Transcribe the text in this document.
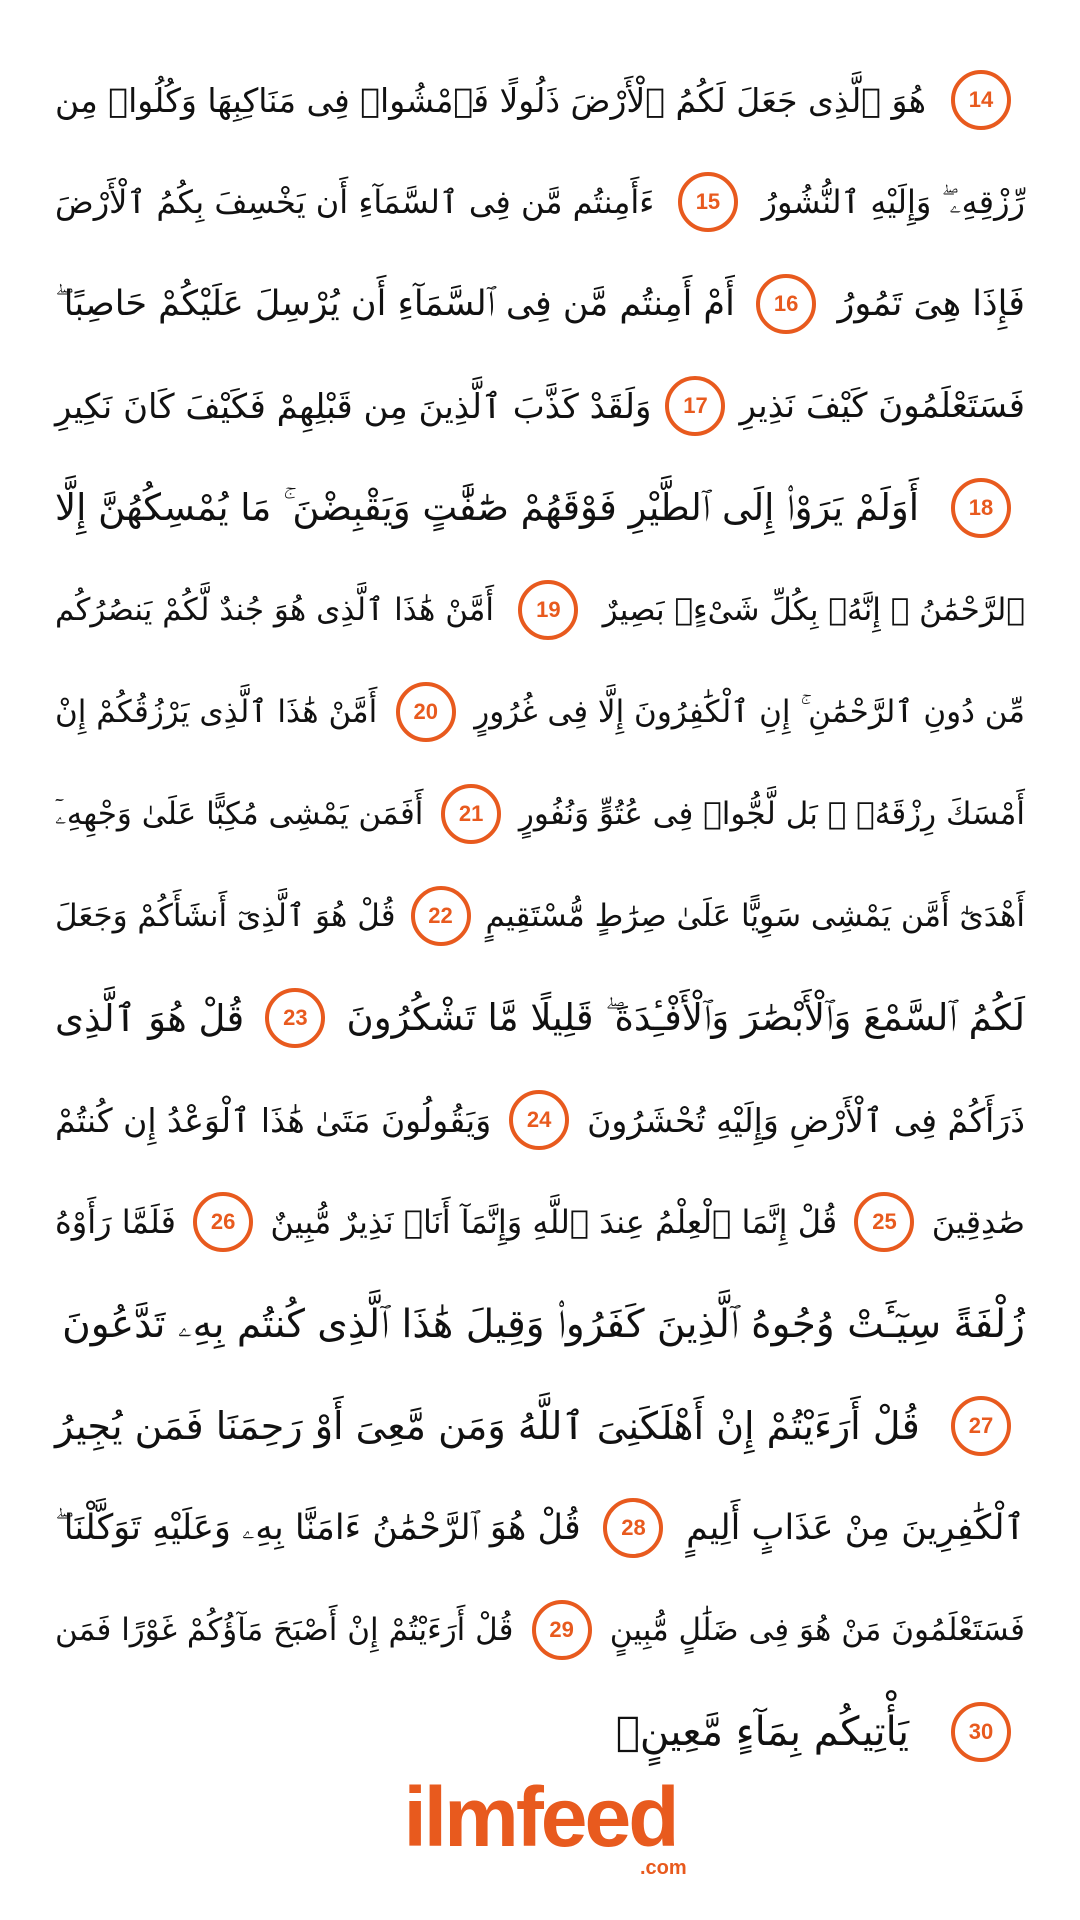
14
هُوَ ٱلَّذِى جَعَلَ لَكُمُ ٱلْأَرْضَ ذَلُولًا فَٱمْشُوا۟ فِى مَنَاكِبِهَا وَكُلُوا۟ مِن
رِّزْقِهِۦ ۖ وَإِلَيْهِ ٱلنُّشُورُ
15
ءَأَمِنتُم مَّن فِى ٱلسَّمَآءِ أَن يَخْسِفَ بِكُمُ ٱلْأَرْضَ
فَإِذَا هِىَ تَمُورُ
16
أَمْ أَمِنتُم مَّن فِى ٱلسَّمَآءِ أَن يُرْسِلَ عَلَيْكُمْ حَاصِبًا ۖ
فَسَتَعْلَمُونَ كَيْفَ نَذِيرِ
17
وَلَقَدْ كَذَّبَ ٱلَّذِينَ مِن قَبْلِهِمْ فَكَيْفَ كَانَ نَكِيرِ
18
أَوَلَمْ يَرَوْا۟ إِلَى ٱلطَّيْرِ فَوْقَهُمْ صَٰٓفَّٰتٍ وَيَقْبِضْنَ ۚ مَا يُمْسِكُهُنَّ إِلَّا
ٱلرَّحْمَٰنُ ۚ إِنَّهُۥ بِكُلِّ شَىْءٍۭ بَصِيرٌ
19
أَمَّنْ هَٰذَا ٱلَّذِى هُوَ جُندٌ لَّكُمْ يَنصُرُكُم
مِّن دُونِ ٱلرَّحْمَٰنِ ۚ إِنِ ٱلْكَٰفِرُونَ إِلَّا فِى غُرُورٍ
20
أَمَّنْ هَٰذَا ٱلَّذِى يَرْزُقُكُمْ إِنْ
أَمْسَكَ رِزْقَهُۥ ۚ بَل لَّجُّوا۟ فِى عُتُوٍّ وَنُفُورٍ
21
أَفَمَن يَمْشِى مُكِبًّا عَلَىٰ وَجْهِهِۦٓ
أَهْدَىٰٓ أَمَّن يَمْشِى سَوِيًّا عَلَىٰ صِرَٰطٍ مُّسْتَقِيمٍ
22
قُلْ هُوَ ٱلَّذِىٓ أَنشَأَكُمْ وَجَعَلَ
لَكُمُ ٱلسَّمْعَ وَٱلْأَبْصَٰرَ وَٱلْأَفْـِٔدَةَ ۖ قَلِيلًا مَّا تَشْكُرُونَ
23
قُلْ هُوَ ٱلَّذِى
ذَرَأَكُمْ فِى ٱلْأَرْضِ وَإِلَيْهِ تُحْشَرُونَ
24
وَيَقُولُونَ مَتَىٰ هَٰذَا ٱلْوَعْدُ إِن كُنتُمْ
صَٰدِقِينَ
25
قُلْ إِنَّمَا ٱلْعِلْمُ عِندَ ٱللَّهِ وَإِنَّمَآ أَنَا۠ نَذِيرٌ مُّبِينٌ
26
فَلَمَّا رَأَوْهُ
زُلْفَةً سِيٓـَٔتْ وُجُوهُ ٱلَّذِينَ كَفَرُوا۟ وَقِيلَ هَٰذَا ٱلَّذِى كُنتُم بِهِۦ تَدَّعُونَ
27
قُلْ أَرَءَيْتُمْ إِنْ أَهْلَكَنِىَ ٱللَّهُ وَمَن مَّعِىَ أَوْ رَحِمَنَا فَمَن يُجِيرُ
ٱلْكَٰفِرِينَ مِنْ عَذَابٍ أَلِيمٍ
28
قُلْ هُوَ ٱلرَّحْمَٰنُ ءَامَنَّا بِهِۦ وَعَلَيْهِ تَوَكَّلْنَا ۖ
فَسَتَعْلَمُونَ مَنْ هُوَ فِى ضَلَٰلٍ مُّبِينٍ
29
قُلْ أَرَءَيْتُمْ إِنْ أَصْبَحَ مَآؤُكُمْ غَوْرًا فَمَن
30
يَأْتِيكُم بِمَآءٍ مَّعِينٍۭ
ilmfeed
.com
